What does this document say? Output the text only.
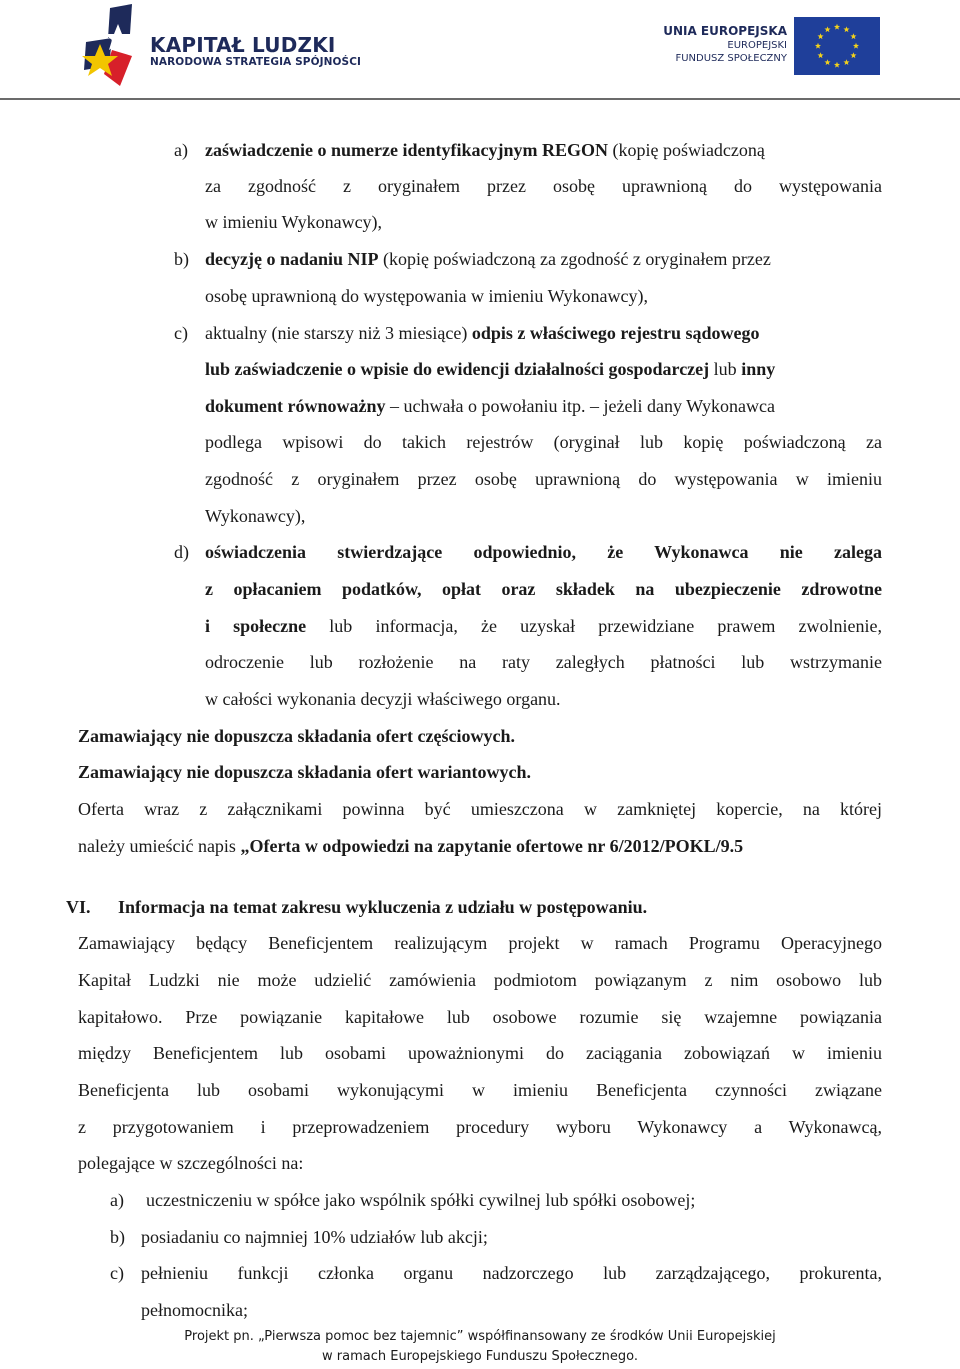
KAPITAŁ LUDZKI
NARODOWA STRATEGIA SPÓJNOŚCI
UNIA EUROPEJSKA
EUROPEJSKI
FUNDUSZ SPOŁECZNY
a) zaświadczenie o numerze identyfikacyjnym REGON (kopię poświadczoną
za zgodność z oryginałem przez osobę uprawnioną do występowania
w imieniu Wykonawcy),
b) decyzję o nadaniu NIP (kopię poświadczoną za zgodność z oryginałem przez
osobę uprawnioną do występowania w imieniu Wykonawcy),
c) aktualny (nie starszy niż 3 miesiące) odpis z właściwego rejestru sądowego
lub zaświadczenie o wpisie do ewidencji działalności gospodarczej lub inny
dokument równoważny – uchwała o powołaniu itp. – jeżeli dany Wykonawca
podlega wpisowi do takich rejestrów (oryginał lub kopię poświadczoną za
zgodność z oryginałem przez osobę uprawnioną do występowania w imieniu
Wykonawcy),
d) oświadczenia stwierdzające odpowiednio, że Wykonawca nie zalega
z opłacaniem podatków, opłat oraz składek na ubezpieczenie zdrowotne
i społeczne lub informacja, że uzyskał przewidziane prawem zwolnienie,
odroczenie lub rozłożenie na raty zaległych płatności lub wstrzymanie
w całości wykonania decyzji właściwego organu.
Zamawiający nie dopuszcza składania ofert częściowych.
Zamawiający nie dopuszcza składania ofert wariantowych.
Oferta wraz z załącznikami powinna być umieszczona w zamkniętej kopercie, na której
należy umieścić napis „Oferta w odpowiedzi na zapytanie ofertowe nr 6/2012/POKL/9.5
VI. Informacja na temat zakresu wykluczenia z udziału w postępowaniu.
Zamawiający będący Beneficjentem realizującym projekt w ramach Programu Operacyjnego
Kapitał Ludzki nie może udzielić zamówienia podmiotom powiązanym z nim osobowo lub
kapitałowo. Prze powiązanie kapitałowe lub osobowe rozumie się wzajemne powiązania
między Beneficjentem lub osobami upoważnionymi do zaciągania zobowiązań w imieniu
Beneficjenta lub osobami wykonującymi w imieniu Beneficjenta czynności związane
z przygotowaniem i przeprowadzeniem procedury wyboru Wykonawcy a Wykonawcą,
polegające w szczególności na:
a) uczestniczeniu w spółce jako wspólnik spółki cywilnej lub spółki osobowej;
b) posiadaniu co najmniej 10% udziałów lub akcji;
c) pełnieniu funkcji członka organu nadzorczego lub zarządzającego, prokurenta,
pełnomocnika;
Projekt pn. „Pierwsza pomoc bez tajemnic” współfinansowany ze środków Unii Europejskiej
w ramach Europejskiego Funduszu Społecznego.
